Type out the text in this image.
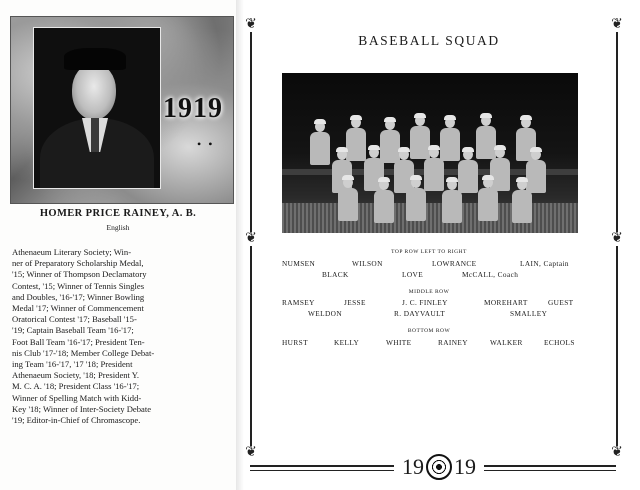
1919
• •
HOMER PRICE RAINEY, A. B.
English
Athenaeum Literary Society; Win-
ner of Preparatory Scholarship Medal,
'15; Winner of Thompson Declamatory
Contest, '15; Winner of Tennis Singles
and Doubles, '16-'17; Winner Bowling
Medal '17; Winner of Commencement
Oratorical Contest '17; Baseball '15-
'19; Captain Baseball Team '16-'17;
Foot Ball Team '16-'17; President Ten-
nis Club '17-'18; Member College Debat-
ing Team '16-'17, '17 '18; President
Athenaeum Society, '18; President Y.
M. C. A. '18; President Class '16-'17;
Winner of Spelling Match with Kidd-
Key '18; Winner of Inter-Society Debate
'19; Editor-in-Chief of Chromascope.
❦
❦
❦
❦
❦
❦
BASEBALL SQUAD
TOP ROW LEFT TO RIGHT
NUMSEN	WILSON	LOWRANCE	LAIN, Captain
BLACK	LOVE	McCALL, Coach
MIDDLE ROW
RAMSEY	JESSE	J. C. FINLEY	MOREHART	GUEST
WELDON	R. DAYVAULT	SMALLEY
BOTTOM ROW
HURST	KELLY	WHITE	RAINEY	WALKER	ECHOLS
19 19
